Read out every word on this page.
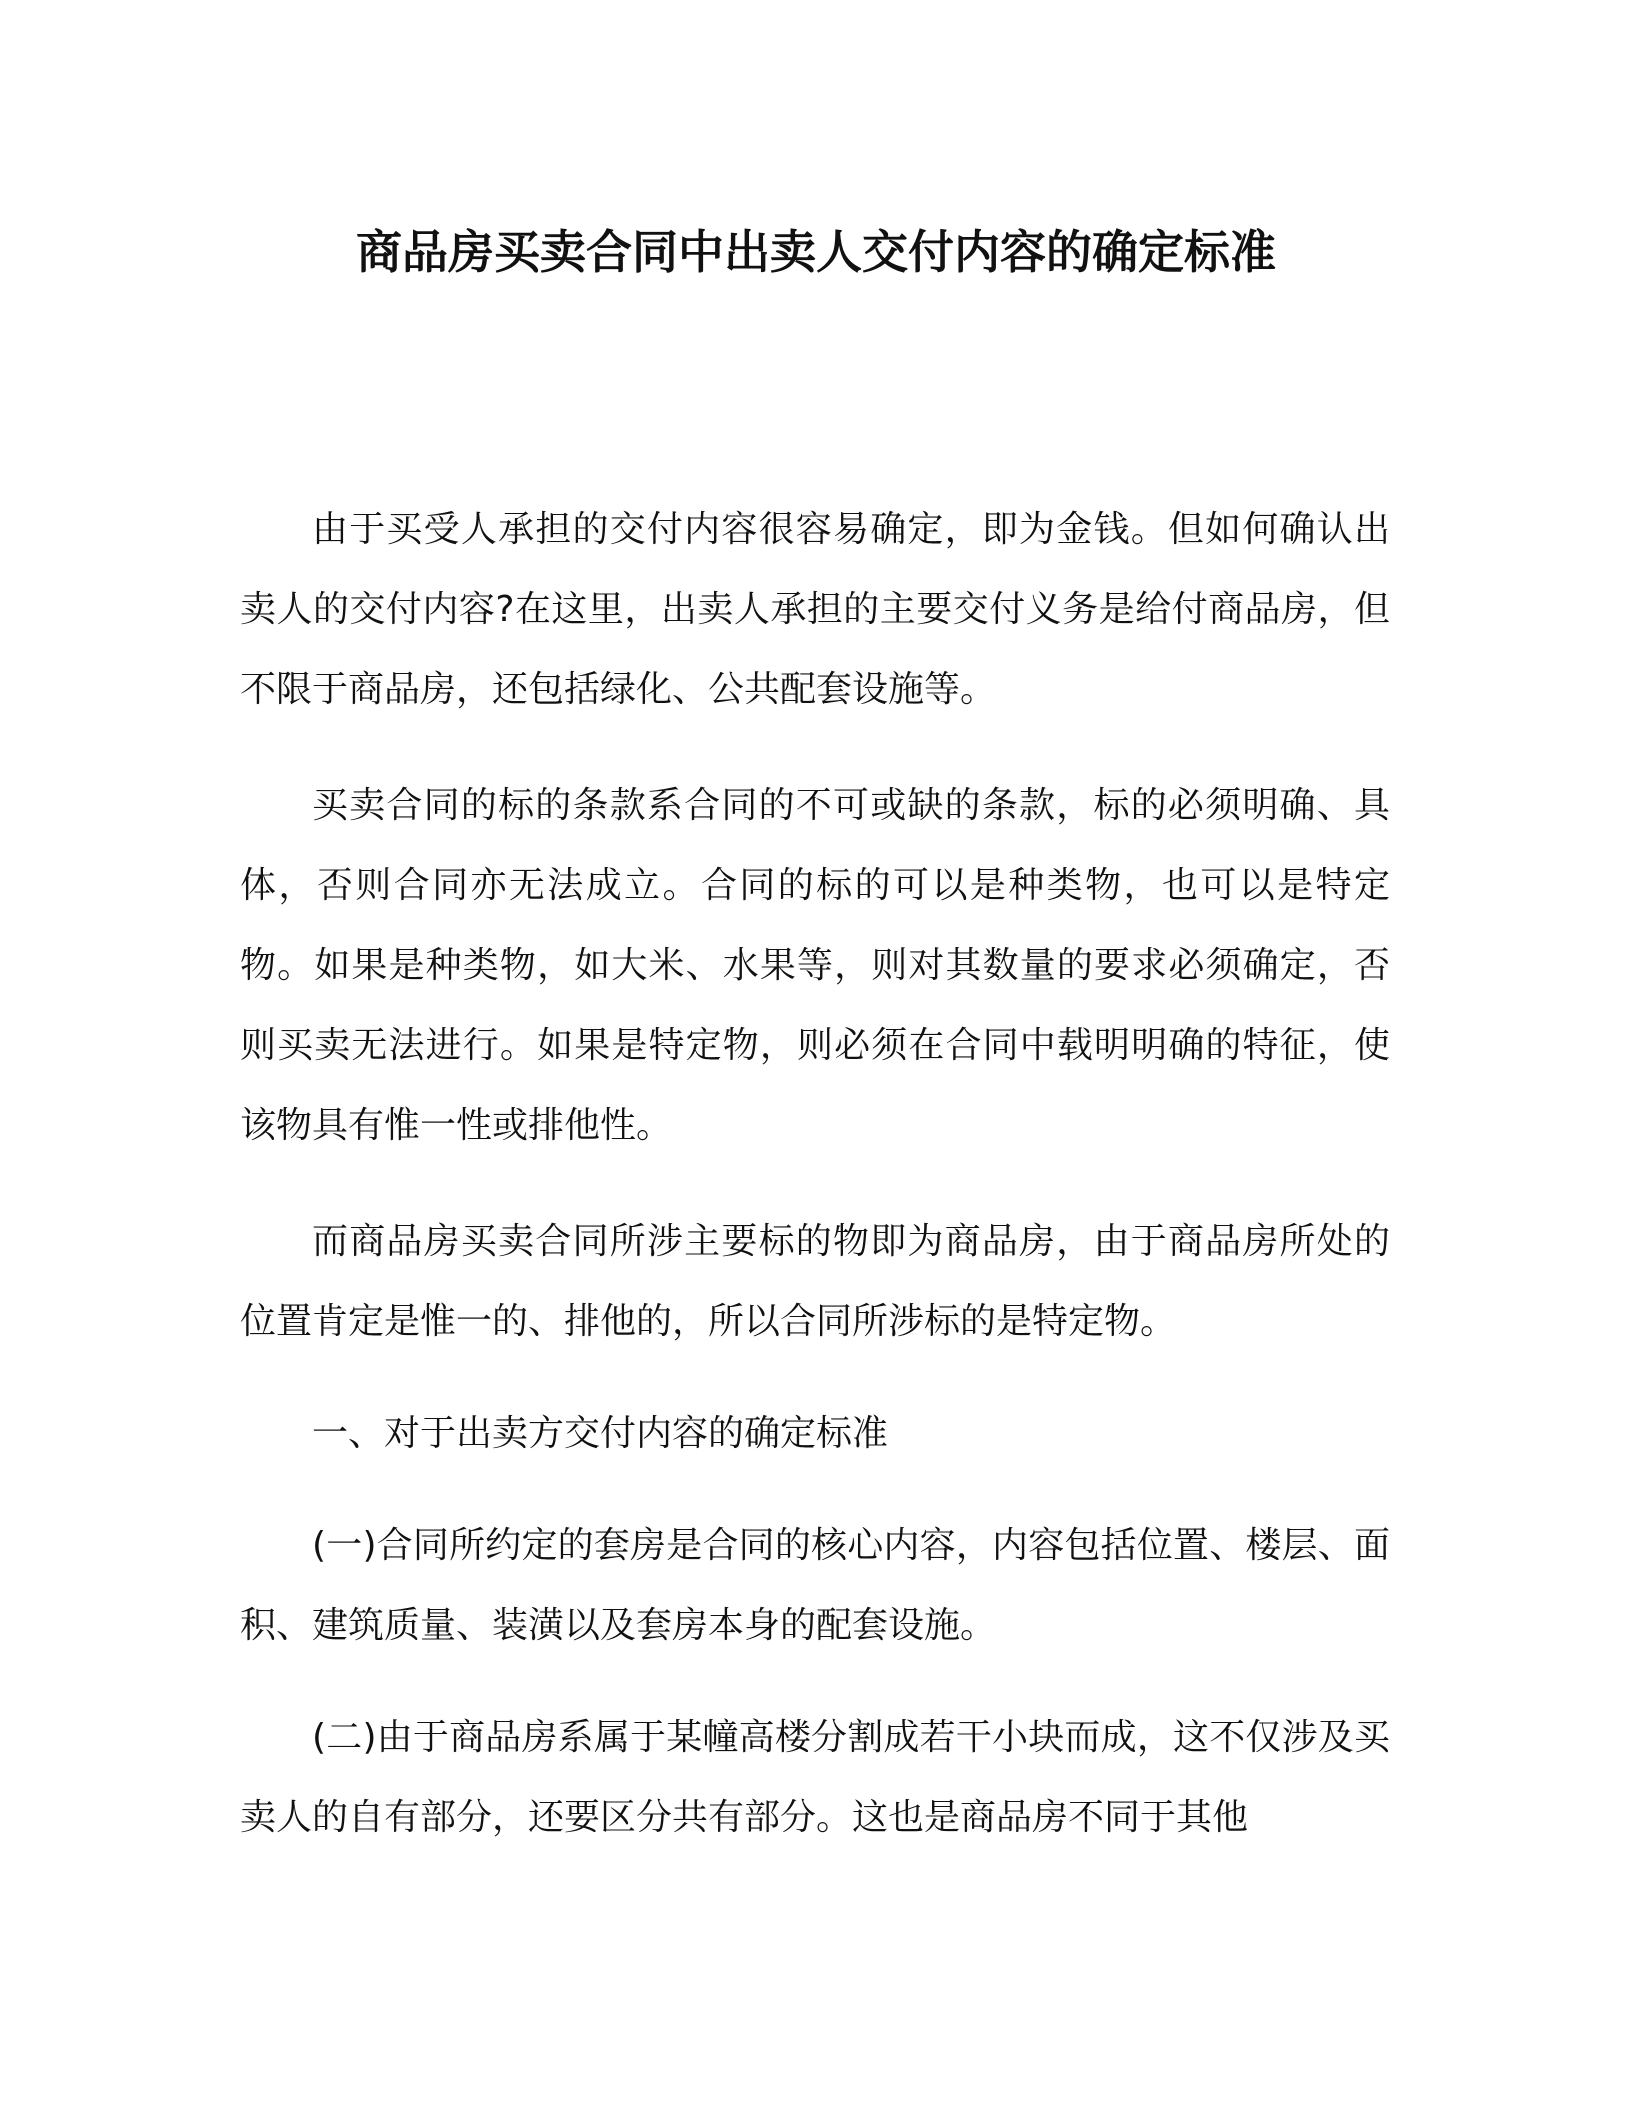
商品房买卖合同中出卖人交付内容的确定标准

由于买受人承担的交付内容很容易确定，即为金钱。但如何确认出卖人的交付内容?在这里，出卖人承担的主要交付义务是给付商品房，但不限于商品房，还包括绿化、公共配套设施等。

买卖合同的标的条款系合同的不可或缺的条款，标的必须明确、具体，否则合同亦无法成立。合同的标的可以是种类物，也可以是特定物。如果是种类物，如大米、水果等，则对其数量的要求必须确定，否则买卖无法进行。如果是特定物，则必须在合同中载明明确的特征，使该物具有惟一性或排他性。

而商品房买卖合同所涉主要标的物即为商品房，由于商品房所处的位置肯定是惟一的、排他的，所以合同所涉标的是特定物。

一、对于出卖方交付内容的确定标准

(一)合同所约定的套房是合同的核心内容，内容包括位置、楼层、面积、建筑质量、装潢以及套房本身的配套设施。

(二)由于商品房系属于某幢高楼分割成若干小块而成，这不仅涉及买卖人的自有部分，还要区分共有部分。这也是商品房不同于其他
